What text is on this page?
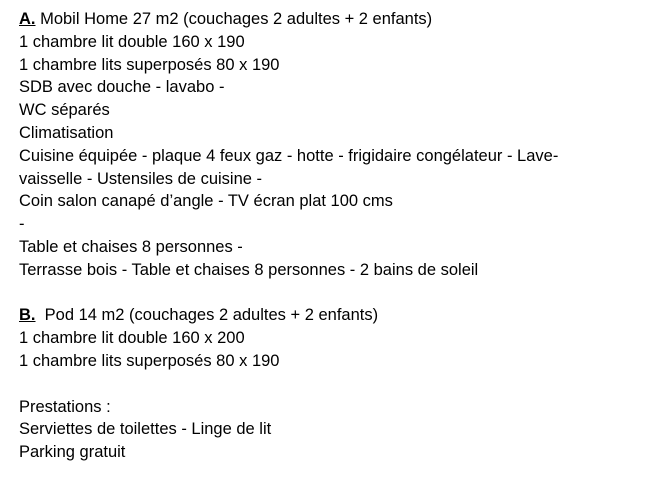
A. Mobil Home 27 m2 (couchages 2 adultes + 2 enfants)
1 chambre lit double 160 x 190
1 chambre lits superposés 80 x 190
SDB avec douche - lavabo -
WC séparés
Climatisation
Cuisine équipée - plaque 4 feux gaz - hotte - frigidaire congélateur - Lave-
vaisselle - Ustensiles de cuisine -
Coin salon canapé d’angle - TV écran plat 100 cms
-
Table et chaises 8 personnes -
Terrasse bois - Table et chaises 8 personnes - 2 bains de soleil
B.  Pod 14 m2 (couchages 2 adultes + 2 enfants)
1 chambre lit double 160 x 200
1 chambre lits superposés 80 x 190
Prestations :
Serviettes de toilettes - Linge de lit
Parking gratuit
